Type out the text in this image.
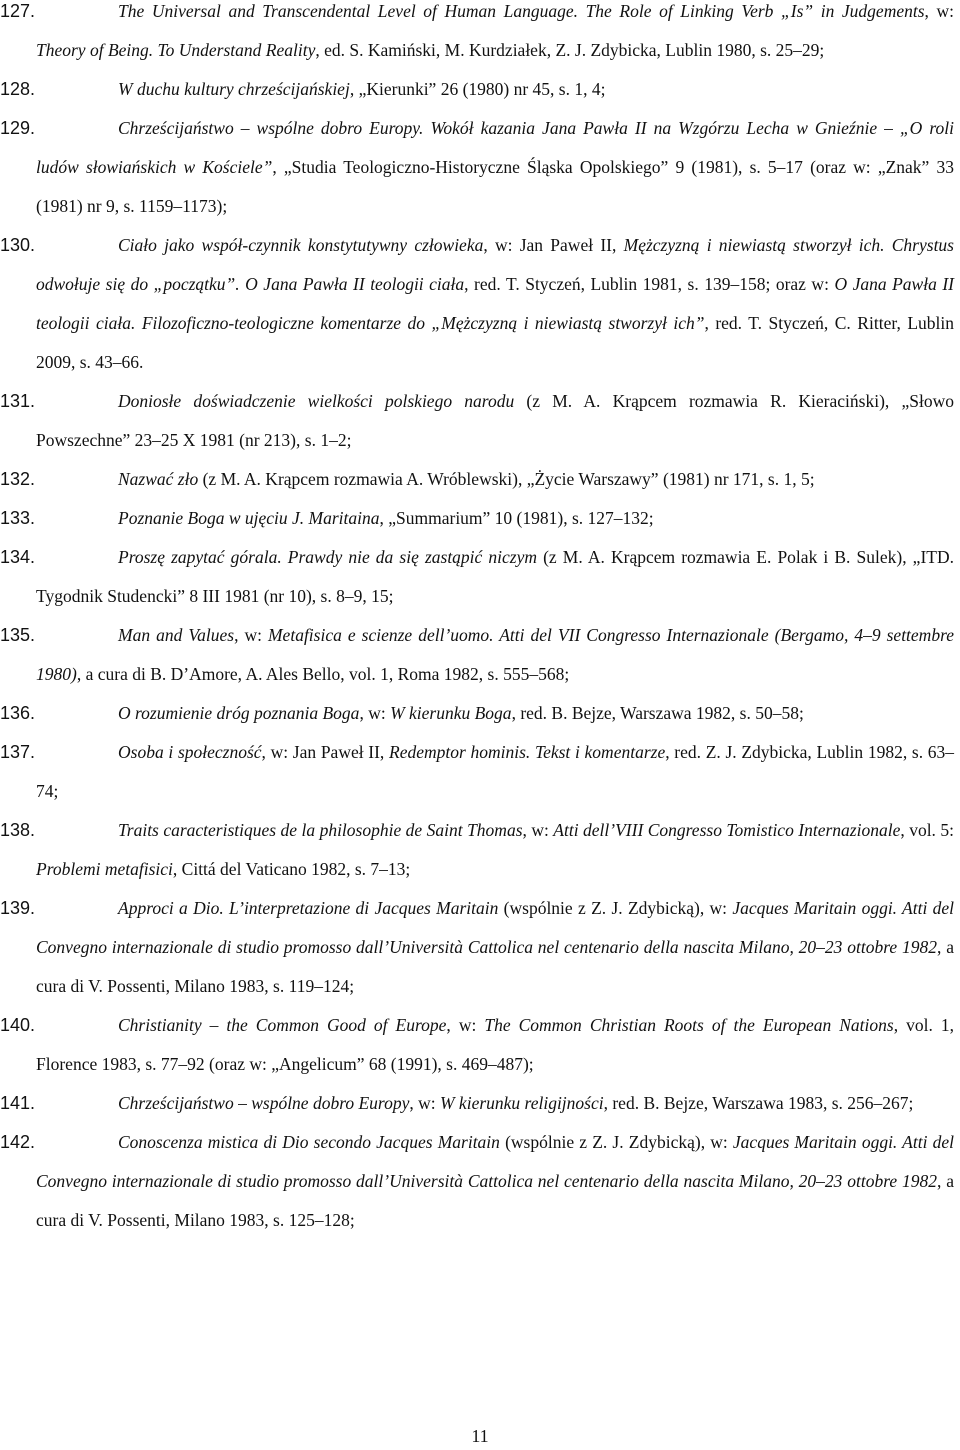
127.	The Universal and Transcendental Level of Human Language. The Role of Linking Verb „Is” in Judgements, w: Theory of Being. To Understand Reality, ed. S. Kamiński, M. Kurdziałek, Z. J. Zdybicka, Lublin 1980, s. 25–29;
128.	W duchu kultury chrześcijańskiej, „Kierunki” 26 (1980) nr 45, s. 1, 4;
129.	Chrześcijaństwo – wspólne dobro Europy. Wokół kazania Jana Pawła II na Wzgórzu Lecha w Gnieźnie – „O roli ludów słowiańskich w Kościele”, „Studia Teologiczno-Historyczne Śląska Opolskiego” 9 (1981), s. 5–17 (oraz w: „Znak” 33 (1981) nr 9, s. 1159–1173);
130.	Ciało jako współ-czynnik konstytutywny człowieka, w: Jan Paweł II, Mężczyzną i niewiastą stworzył ich. Chrystus odwołuje się do „początku”. O Jana Pawła II teologii ciała, red. T. Styczeń, Lublin 1981, s. 139–158; oraz w: O Jana Pawła II teologii ciała. Filozoficzno-teologiczne komentarze do „Mężczyzną i niewiastą stworzył ich”, red. T. Styczeń, C. Ritter, Lublin 2009, s. 43–66.
131.	Doniosłe doświadczenie wielkości polskiego narodu (z M. A. Krąpcem rozmawia R. Kieraciński), „Słowo Powszechne” 23–25 X 1981 (nr 213), s. 1–2;
132.	Nazwać zło (z M. A. Krąpcem rozmawia A. Wróblewski), „Życie Warszawy” (1981) nr 171, s. 1, 5;
133.	Poznanie Boga w ujęciu J. Maritaina, „Summarium” 10 (1981), s. 127–132;
134.	Proszę zapytać górala. Prawdy nie da się zastąpić niczym (z M. A. Krąpcem rozmawia E. Polak i B. Sulek), „ITD. Tygodnik Studencki” 8 III 1981 (nr 10), s. 8–9, 15;
135.	Man and Values, w: Metafisica e scienze dell’uomo. Atti del VII Congresso Internazionale (Bergamo, 4–9 settembre 1980), a cura di B. D’Amore, A. Ales Bello, vol. 1, Roma 1982, s. 555–568;
136.	O rozumienie dróg poznania Boga, w: W kierunku Boga, red. B. Bejze, Warszawa 1982, s. 50–58;
137.	Osoba i społeczność, w: Jan Paweł II, Redemptor hominis. Tekst i komentarze, red. Z. J. Zdybicka, Lublin 1982, s. 63–74;
138.	Traits caracteristiques de la philosophie de Saint Thomas, w: Atti dell’VIII Congresso Tomistico Internazionale, vol. 5: Problemi metafisici, Cittá del Vaticano 1982, s. 7–13;
139.	Approci a Dio. L’interpretazione di Jacques Maritain (wspólnie z Z. J. Zdybicką), w: Jacques Maritain oggi. Atti del Convegno internazionale di studio promosso dall’Università Cattolica nel centenario della nascita Milano, 20–23 ottobre 1982, a cura di V. Possenti, Milano 1983, s. 119–124;
140.	Christianity – the Common Good of Europe, w: The Common Christian Roots of the European Nations, vol. 1, Florence 1983, s. 77–92 (oraz w: „Angelicum” 68 (1991), s. 469–487);
141.	Chrześcijaństwo – wspólne dobro Europy, w: W kierunku religijności, red. B. Bejze, Warszawa 1983, s. 256–267;
142.	Conoscenza mistica di Dio secondo Jacques Maritain (wspólnie z Z. J. Zdybicką), w: Jacques Maritain oggi. Atti del Convegno internazionale di studio promosso dall’Università Cattolica nel centenario della nascita Milano, 20–23 ottobre 1982, a cura di V. Possenti, Milano 1983, s. 125–128;
11
